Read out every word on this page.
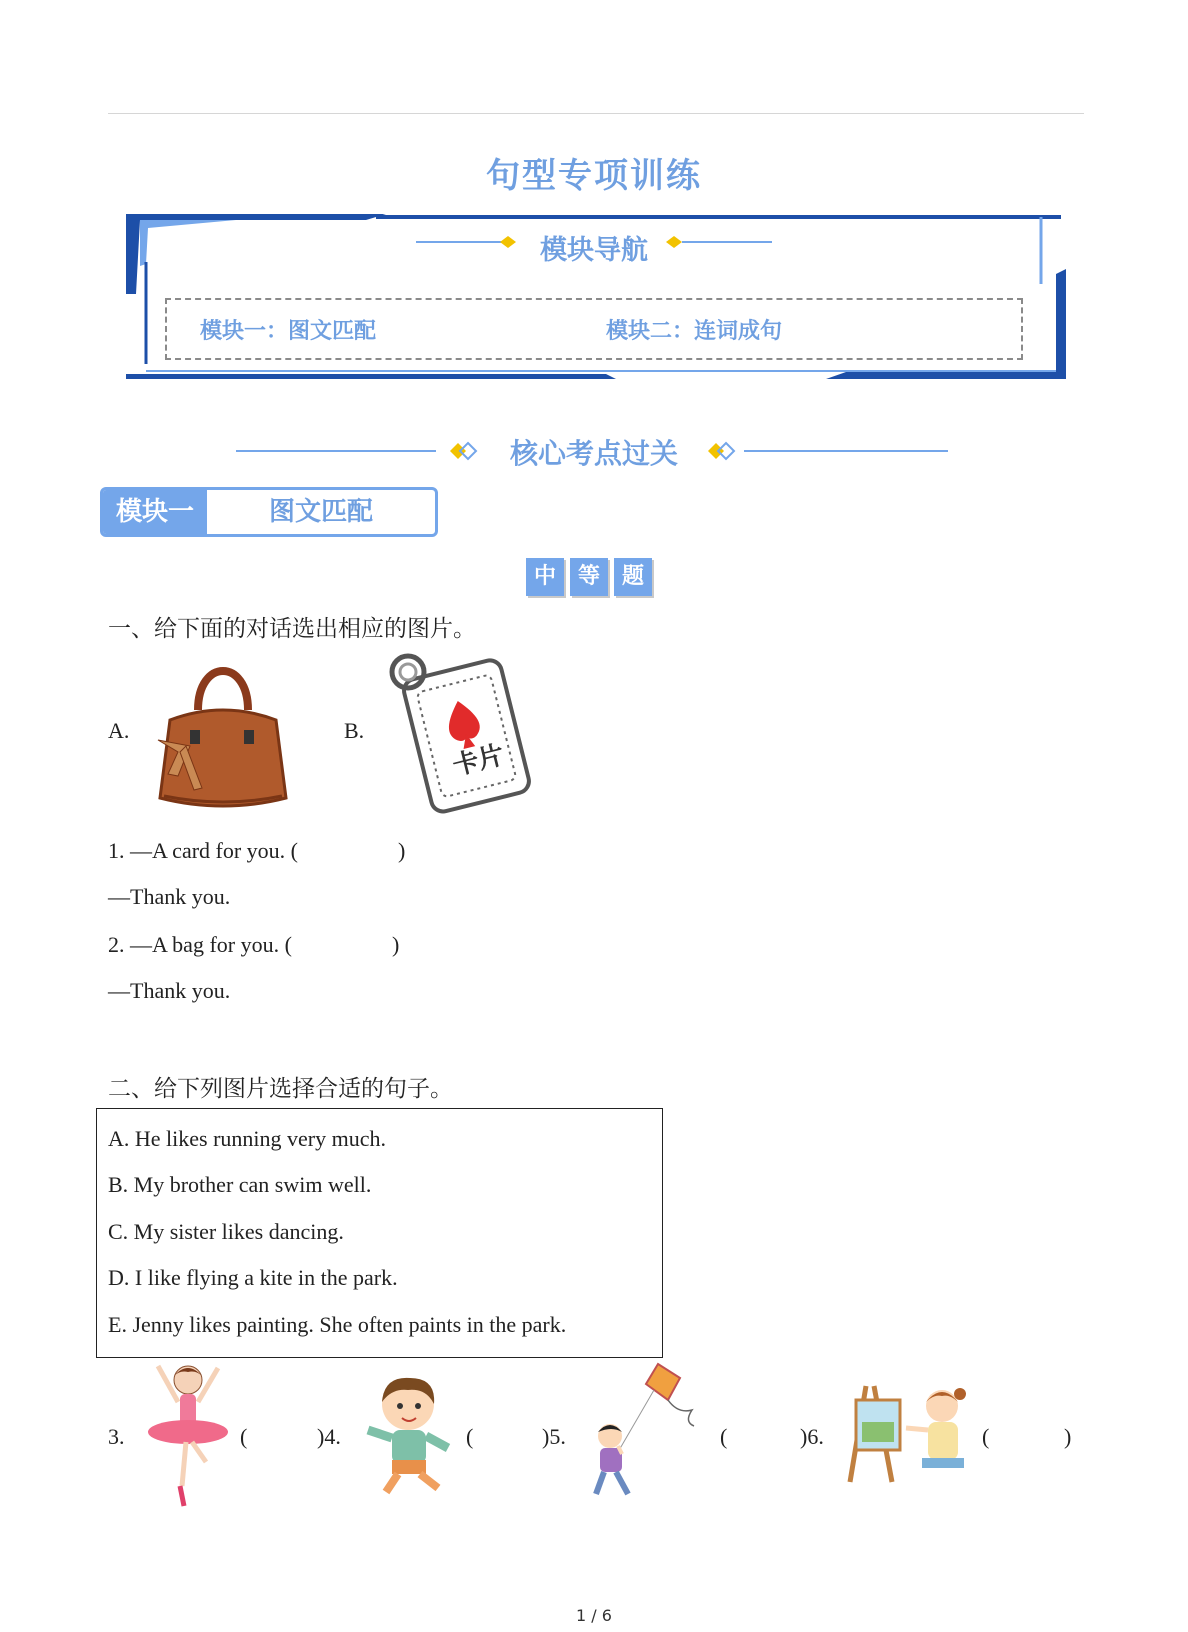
句型专项训练
模块导航
模块一：图文匹配	模块二：连词成句
核心考点过关
模块一	图文匹配
中 等 题
一、给下面的对话选出相应的图片。
A.	B.
卡片
1. —A card for you. (	)
—Thank you.
2. —A bag for you. (	)
—Thank you.
二、给下列图片选择合适的句子。
A. He likes running very much.
B. My brother can swim well.
C. My sister likes dancing.
D. I like flying a kite in the park.
E. Jenny likes painting. She often paints in the park.
3.	(	)4.	(	)5.	(	)6.	(	)
1 / 6
